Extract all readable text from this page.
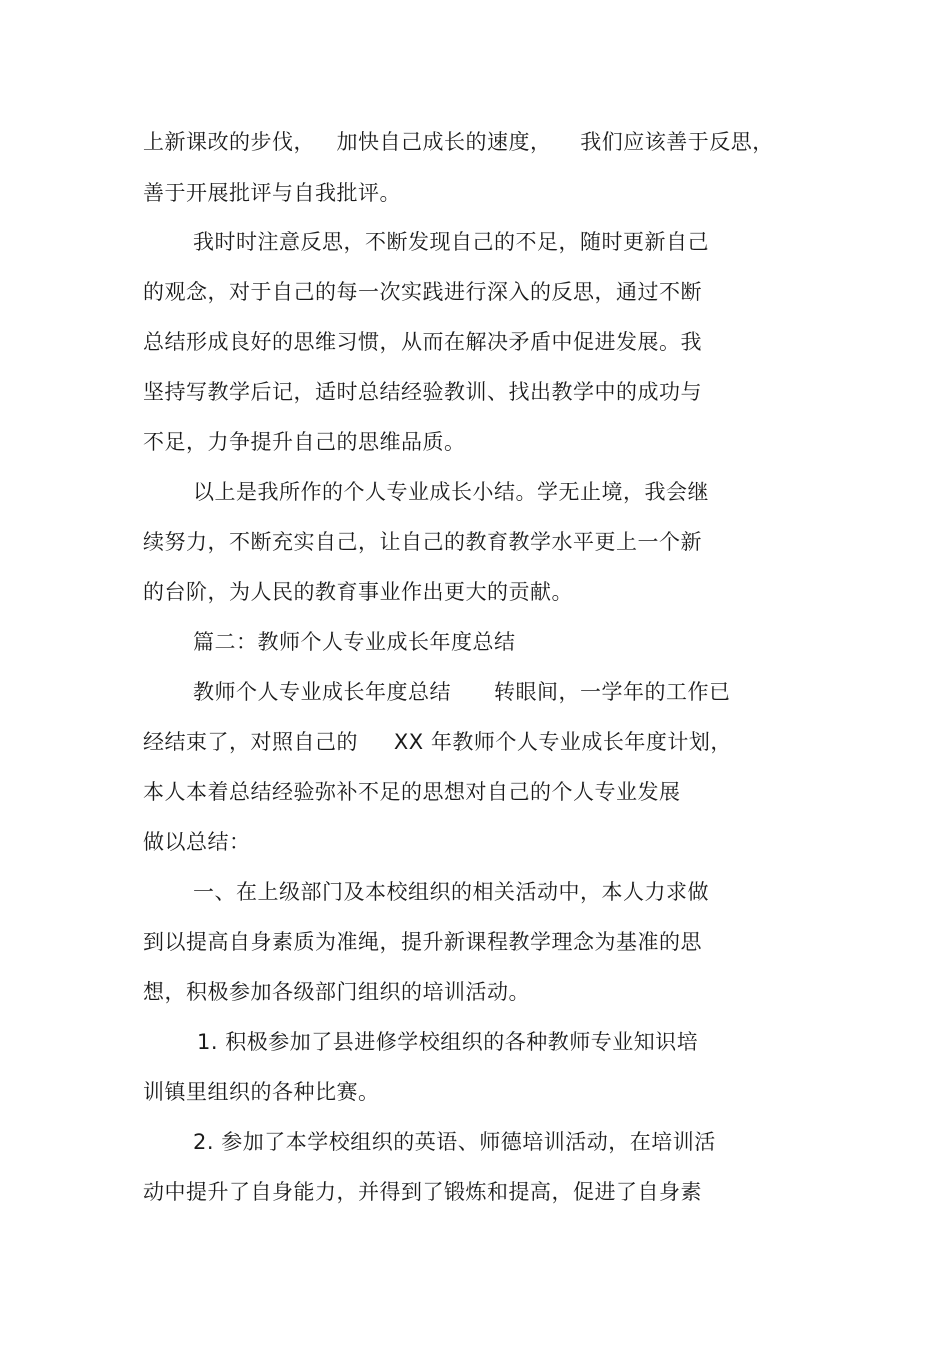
上新课改的步伐，   加快自己成长的速度，    我们应该善于反思，
善于开展批评与自我批评。
我时时注意反思，不断发现自己的不足，随时更新自己
的观念，对于自己的每一次实践进行深入的反思，通过不断
总结形成良好的思维习惯，从而在解决矛盾中促进发展。我
坚持写教学后记，适时总结经验教训、找出教学中的成功与
不足，力争提升自己的思维品质。
以上是我所作的个人专业成长小结。学无止境，我会继
续努力，不断充实自己，让自己的教育教学水平更上一个新
的台阶，为人民的教育事业作出更大的贡献。
篇二：教师个人专业成长年度总结
教师个人专业成长年度总结      转眼间，一学年的工作已
经结束了，对照自己的     XX 年教师个人专业成长年度计划，
本人本着总结经验弥补不足的思想对自己的个人专业发展
做以总结：
一、在上级部门及本校组织的相关活动中，本人力求做
到以提高自身素质为准绳，提升新课程教学理念为基准的思
想，积极参加各级部门组织的培训活动。
1. 积极参加了县进修学校组织的各种教师专业知识培
训镇里组织的各种比赛。
2. 参加了本学校组织的英语、师德培训活动，在培训活
动中提升了自身能力，并得到了锻炼和提高，促进了自身素
